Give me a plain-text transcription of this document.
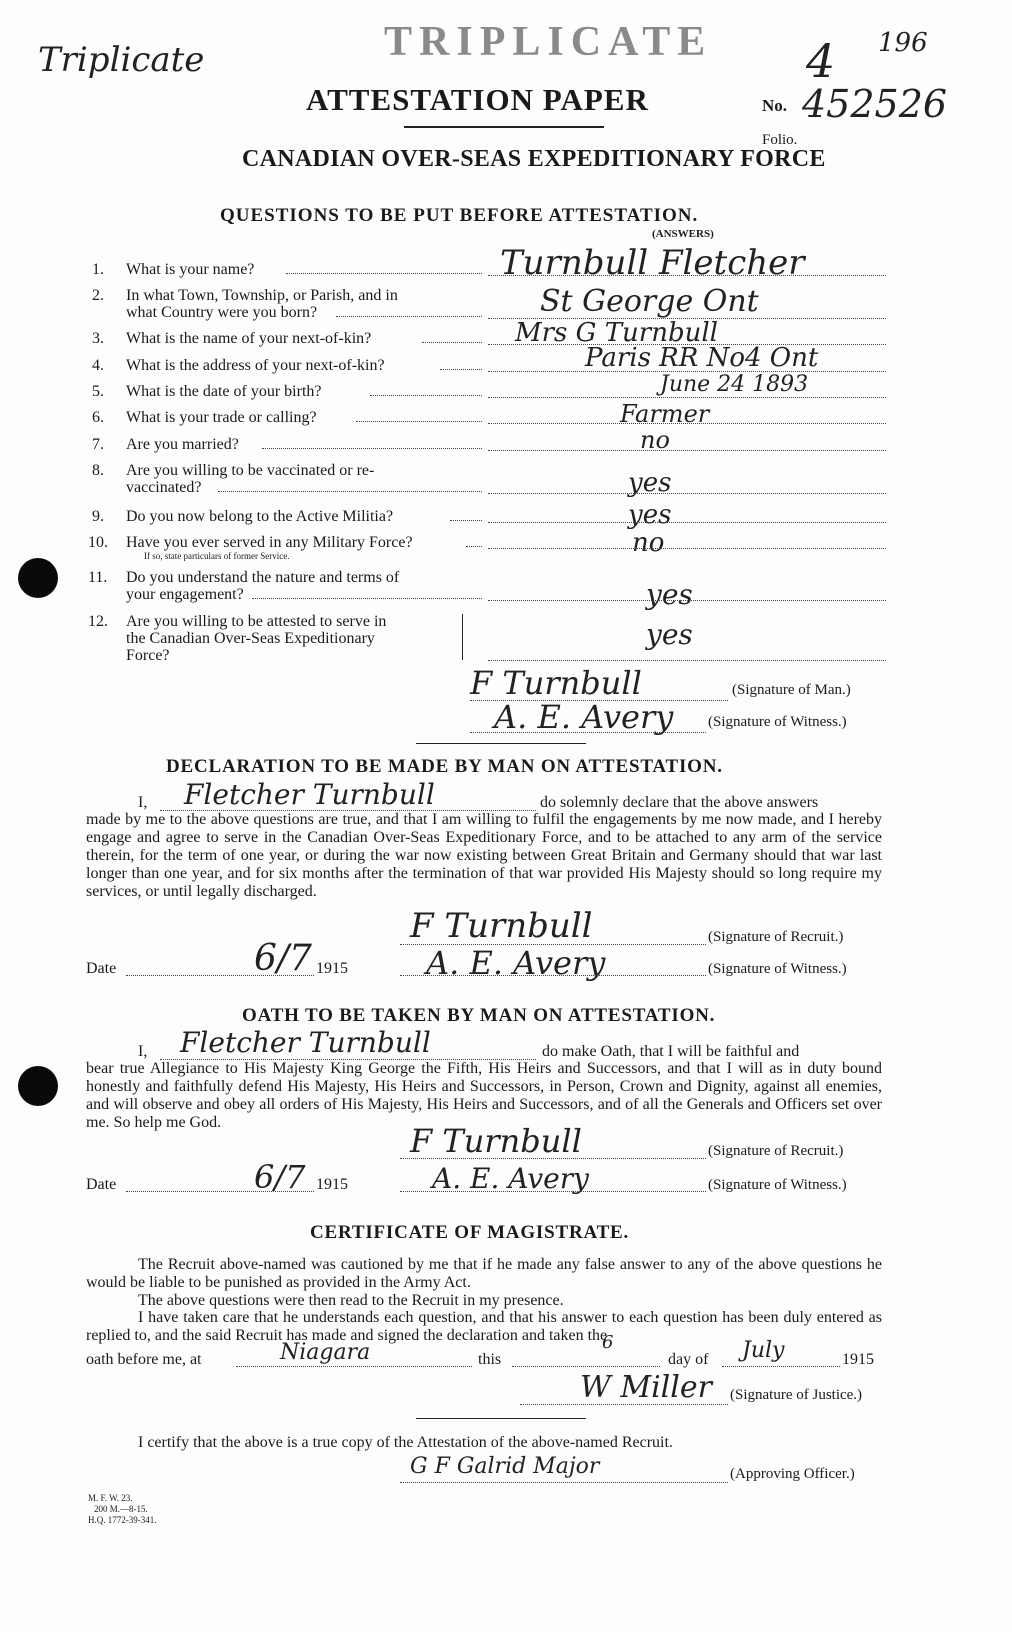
Triplicate	TRIPLICATE
ATTESTATION PAPER	No.
4 196
452526
Folio.
CANADIAN OVER-SEAS EXPEDITIONARY FORCE
QUESTIONS TO BE PUT BEFORE ATTESTATION.
(ANSWERS)
1. What is your name?	Turnbull Fletcher
2. In what Town, Township, or Parish, and in
what Country were you born?	St George Ont
3. What is the name of your next-of-kin?	Mrs G Turnbull
4. What is the address of your next-of-kin?	Paris RR No4 Ont
5. What is the date of your birth?	June 24 1893
6. What is your trade or calling?	Farmer
7. Are you married?	no
8. Are you willing to be vaccinated or re-
vaccinated?	yes
9. Do you now belong to the Active Militia?	yes
10. Have you ever served in any Military Force?
If so, state particulars of former Service.	no
11. Do you understand the nature and terms of
your engagement?	yes
12. Are you willing to be attested to serve in
the Canadian Over-Seas Expeditionary
Force?
yes
F Turnbull	(Signature of Man.)
A. E. Avery (Signature of Witness.)
DECLARATION TO BE MADE BY MAN ON ATTESTATION.
I, Fletcher Turnbull	do solemnly declare that the above answers
made by me to the above questions are true, and that I am willing to fulfil the engagements by me now made, and I hereby engage and agree to serve in the Canadian Over-Seas Expeditionary Force, and to be attached to any arm of the service therein, for the term of one year, or during the war now existing between Great Britain and Germany should that war last longer than one year, and for six months after the termination of that war provided His Majesty should so long require my services, or until legally discharged.
F Turnbull	(Signature of Recruit.)
Date	6/7 1915 A. E. Avery	(Signature of Witness.)
OATH TO BE TAKEN BY MAN ON ATTESTATION.
I, Fletcher Turnbull	do make Oath, that I will be faithful and
bear true Allegiance to His Majesty King George the Fifth, His Heirs and Successors, and that I will as in duty bound honestly and faithfully defend His Majesty, His Heirs and Successors, in Person, Crown and Dignity, against all enemies, and will observe and obey all orders of His Majesty, His Heirs and Successors, and of all the Generals and Officers set over me. So help me God.	F Turnbull	(Signature of Recruit.)
Date	6/7 1915	A. E. Avery	(Signature of Witness.)
CERTIFICATE OF MAGISTRATE.
The Recruit above-named was cautioned by me that if he made any false answer to any of the above questions he would be liable to be punished as provided in the Army Act.
The above questions were then read to the Recruit in my presence.
I have taken care that he understands each question, and that his answer to each question has been duly entered as replied to, and the said Recruit has made and signed the declaration and taken the
oath before me, at	Niagara	this
6
day of July	1915
W Miller (Signature of Justice.)
I certify that the above is a true copy of the Attestation of the above-named Recruit.
G F Galrid Major	(Approving Officer.)
M. F. W. 23.
200 M.—8-15.
H.Q. 1772-39-341.
